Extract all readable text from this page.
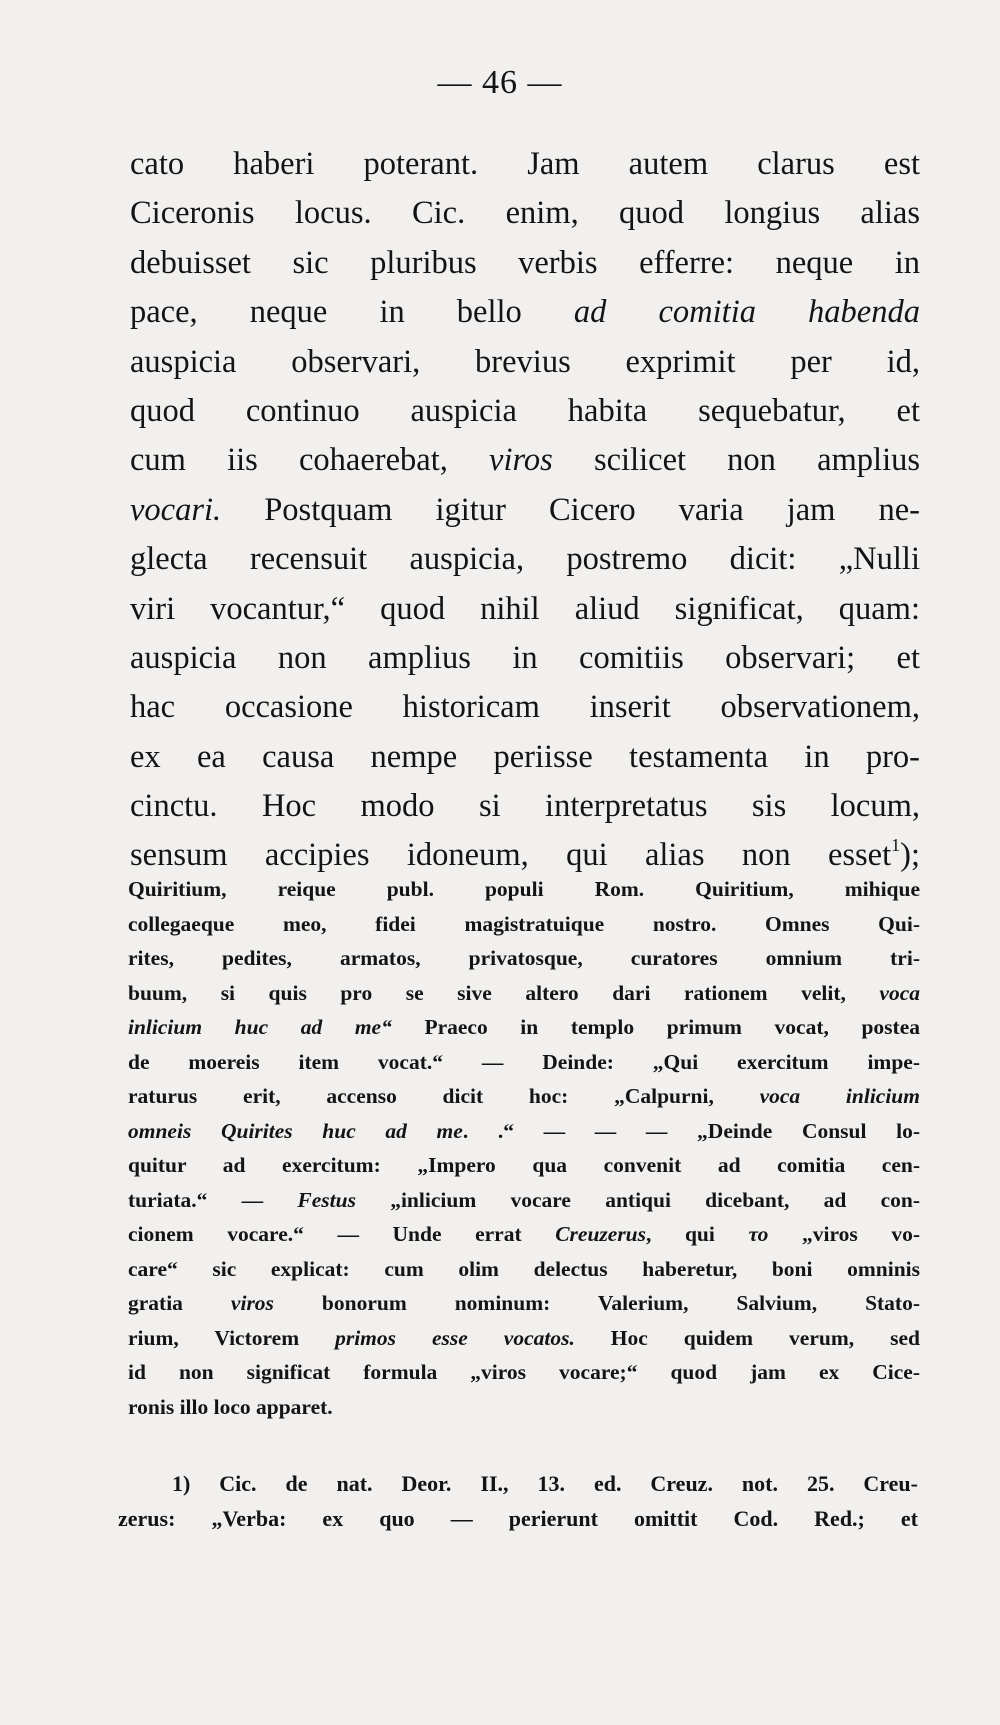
— 46 —
cato haberi poterant. Jam autem clarus est
Ciceronis locus. Cic. enim, quod longius alias
debuisset sic pluribus verbis efferre: neque in
pace, neque in bello ad comitia habenda
auspicia observari, brevius exprimit per id,
quod continuo auspicia habita sequebatur, et
cum iis cohaerebat, viros scilicet non amplius
vocari. Postquam igitur Cicero varia jam ne-
glecta recensuit auspicia, postremo dicit: „Nulli
viri vocantur,“ quod nihil aliud significat, quam:
auspicia non amplius in comitiis observari; et
hac occasione historicam inserit observationem,
ex ea causa nempe periisse testamenta in pro-
cinctu. Hoc modo si interpretatus sis locum,
sensum accipies idoneum, qui alias non esset$^1$);
Quiritium, reique publ. populi Rom. Quiritium, mihique
collegaeque meo, fidei magistratuique nostro. Omnes Qui-
rites, pedites, armatos, privatosque, curatores omnium tri-
buum, si quis pro se sive altero dari rationem velit, voca
inlicium huc ad me“ Praeco in templo primum vocat, postea
de moereis item vocat.“ — Deinde: „Qui exercitum impe-
raturus erit, accenso dicit hoc: „Calpurni, voca inlicium
omneis Quirites huc ad me. .“ — — — „Deinde Consul lo-
quitur ad exercitum: „Impero qua convenit ad comitia cen-
turiata.“ — Festus „inlicium vocare antiqui dicebant, ad con-
cionem vocare.“ — Unde errat Creuzerus, qui το „viros vo-
care“ sic explicat: cum olim delectus haberetur, boni omninis
gratia viros bonorum nominum: Valerium, Salvium, Stato-
rium, Victorem primos esse vocatos. Hoc quidem verum, sed
id non significat formula „viros vocare;“ quod jam ex Cice-
ronis illo loco apparet.
1) Cic. de nat. Deor. II., 13. ed. Creuz. not. 25. Creu-
zerus: „Verba: ex quo — perierunt omittit Cod. Red.; et
